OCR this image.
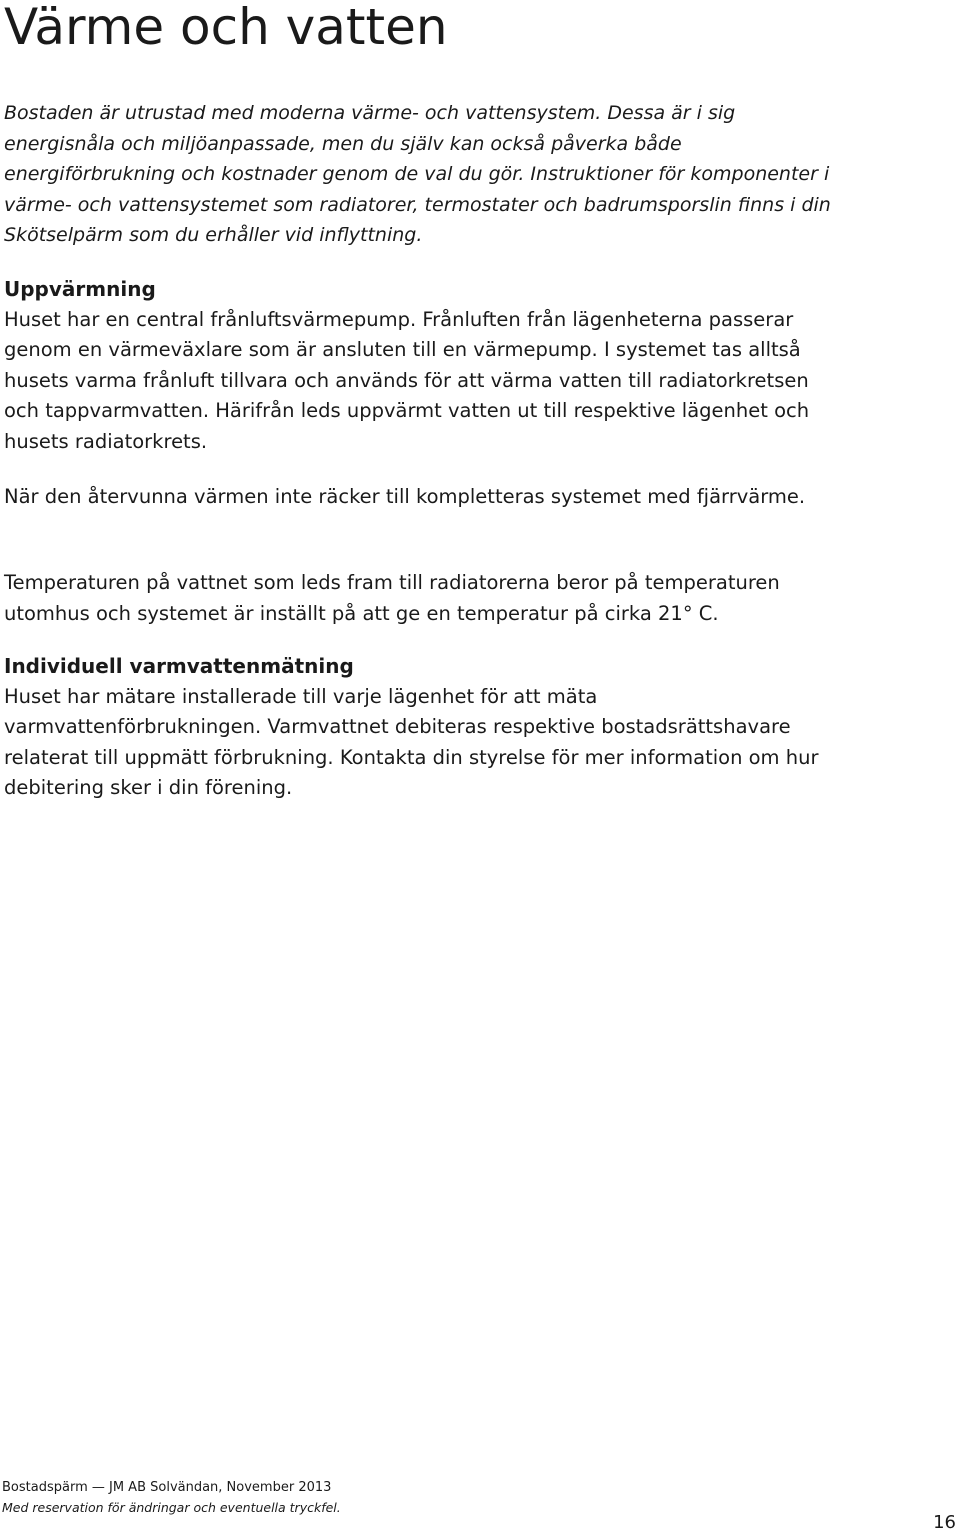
Värme och vatten

Bostaden är utrustad med moderna värme- och vattensystem. Dessa är i sig energisnåla och miljöanpassade, men du själv kan också påverka både energiförbrukning och kostnader genom de val du gör. Instruktioner för komponenter i värme- och vattensystemet som radiatorer, termostater och badrumsporslin finns i din Skötselpärm som du erhåller vid inflyttning.

Uppvärmning

Huset har en central frånluftsvärmepump. Frånluften från lägenheterna passerar genom en värmeväxlare som är ansluten till en värmepump. I systemet tas alltså husets varma frånluft tillvara och används för att värma vatten till radiatorkretsen och tappvarmvatten. Härifrån leds uppvärmt vatten ut till respektive lägenhet och husets radiatorkrets.

När den återvunna värmen inte räcker till kompletteras systemet med fjärrvärme.

Temperaturen på vattnet som leds fram till radiatorerna beror på temperaturen utomhus och systemet är inställt på att ge en temperatur på cirka 21° C.

Individuell varmvattenmätning

Huset har mätare installerade till varje lägenhet för att mäta varmvattenförbrukningen. Varmvattnet debiteras respektive bostadsrättshavare relaterat till uppmätt förbrukning. Kontakta din styrelse för mer information om hur debitering sker i din förening.

Bostadspärm — JM AB Solvändan, November 2013
Med reservation för ändringar och eventuella tryckfel.
16
